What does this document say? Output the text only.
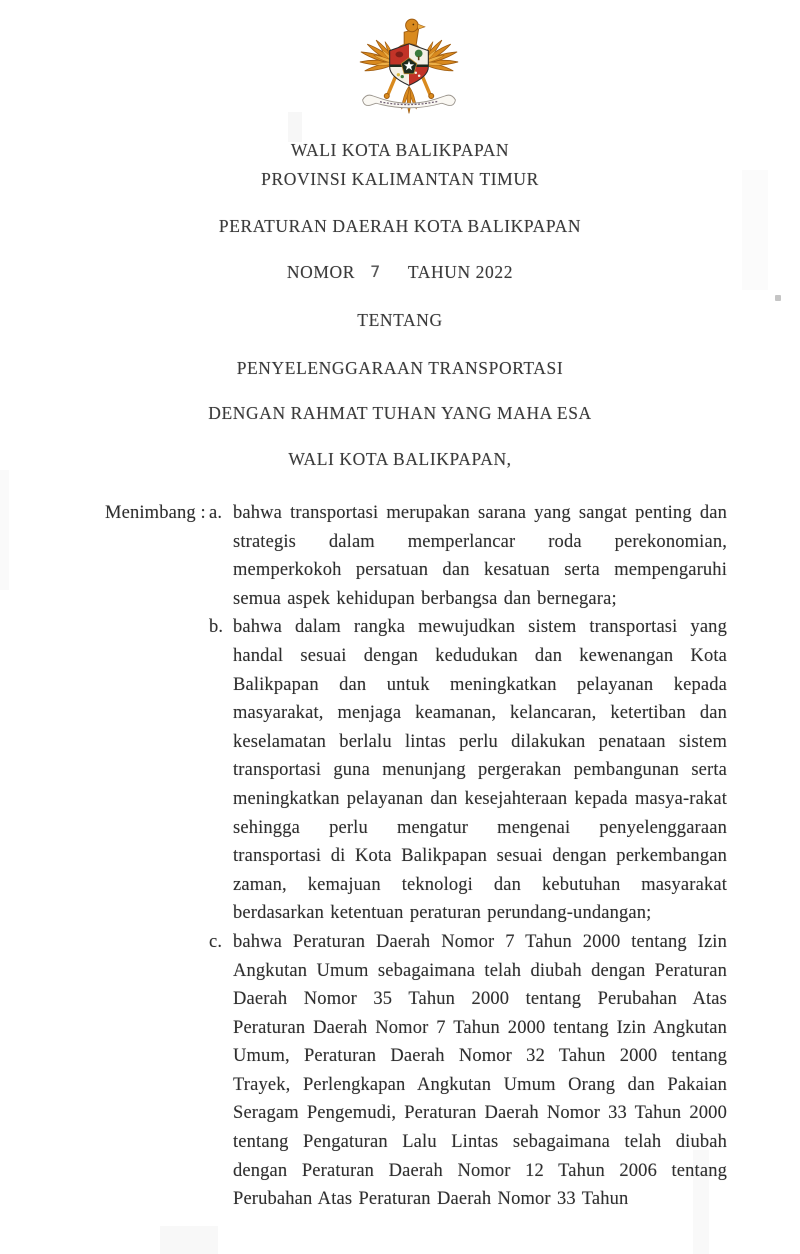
WALI KOTA BALIKPAPAN
PROVINSI KALIMANTAN TIMUR
PERATURAN DAERAH KOTA BALIKPAPAN
NOMOR 7 TAHUN 2022
TENTANG
PENYELENGGARAAN TRANSPORTASI
DENGAN RAHMAT TUHAN YANG MAHA ESA
WALI KOTA BALIKPAPAN,
Menimbang : a. bahwa transportasi merupakan sarana yang sangat penting dan strategis dalam memperlancar roda perekonomian, memperkokoh persatuan dan kesatuan serta mempengaruhi semua aspek kehidupan berbangsa dan bernegara;
b. bahwa dalam rangka mewujudkan sistem transportasi yang handal sesuai dengan kedudukan dan kewenangan Kota Balikpapan dan untuk meningkatkan pelayanan kepada masyarakat, menjaga keamanan, kelancaran, ketertiban dan keselamatan berlalu lintas perlu dilakukan penataan sistem transportasi guna menunjang pergerakan pembangunan serta meningkatkan pelayanan dan kesejahteraan kepada masya-rakat sehingga perlu mengatur mengenai penyelenggaraan transportasi di Kota Balikpapan sesuai dengan perkembangan zaman, kemajuan teknologi dan kebutuhan masyarakat berdasarkan ketentuan peraturan perundang-undangan;
c. bahwa Peraturan Daerah Nomor 7 Tahun 2000 tentang Izin Angkutan Umum sebagaimana telah diubah dengan Peraturan Daerah Nomor 35 Tahun 2000 tentang Perubahan Atas Peraturan Daerah Nomor 7 Tahun 2000 tentang Izin Angkutan Umum, Peraturan Daerah Nomor 32 Tahun 2000 tentang Trayek, Perlengkapan Angkutan Umum Orang dan Pakaian Seragam Pengemudi, Peraturan Daerah Nomor 33 Tahun 2000 tentang Pengaturan Lalu Lintas sebagaimana telah diubah dengan Peraturan Daerah Nomor 12 Tahun 2006 tentang Perubahan Atas Peraturan Daerah Nomor 33 Tahun
